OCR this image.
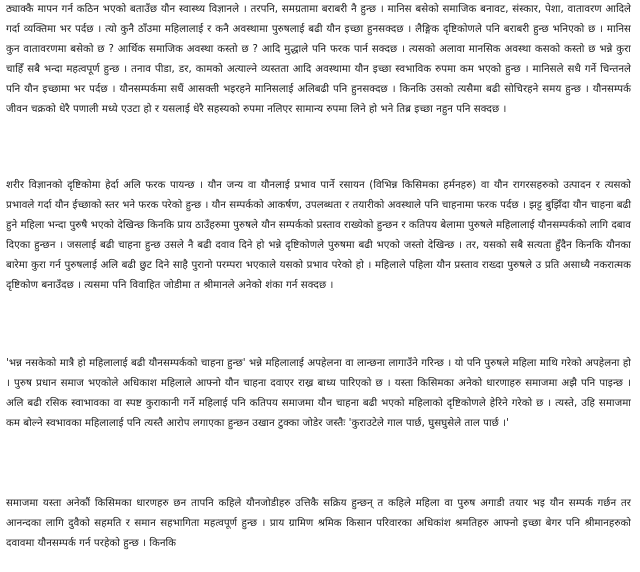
ठ्याक्कै मापन गर्न कठिन भएको बताउँछ यौन स्वास्थ्य विज्ञानले । तरपनि, समग्रतामा बराबरी नै हुन्छ । मानिस बसेको समाजिक बनावट, संस्कार, पेशा, वातावरण आदिले गर्दा व्यक्तिमा भर पर्दछ । त्यो कुनै ठाँउमा महिलालाई र कनै अवस्थामा पुरुषलाई बढी यौन इच्छा हुनसक्दछ । लैङ्गिक दृष्टिकोणले पनि बराबरी हुन्छ भनिएको छ । मानिस कुन वातावरणमा बसेको छ ? आर्थिक समाजिक अवस्था कस्तो छ ? आदि मुद्धाले पनि फरक पार्न सक्दछ । त्यसको अलावा मानसिक अवस्था कसको कस्तो छ भन्ने कुरा चाहिँ सबै भन्दा महत्वपूर्ण हुन्छ । तनाव पीडा, डर, कामको अत्याल्ने व्यस्तता आदि अवस्थामा यौन इच्छा स्वभाविक रुपमा कम भएको हुन्छ । मानिसले सधै गर्ने चिन्तनले पनि यौन इच्छामा भर पर्दछ । यौनसम्पर्कमा सधैं आसक्ती भइरहने मानिसलाई अलिबढी पनि हुनसक्दछ । किनकि उसको त्यसैमा बढी सोचिरहने समय हुन्छ । यौनसम्पर्क जीवन चक्रको धेरै पणाली मध्ये एउटा हो र यसलाई धेरै सहस्यको रुपमा नलिएर सामान्य रुपमा लिने हो भने तिब्र इच्छा नहुन पनि सक्दछ ।

शरीर विज्ञानको दृष्टिकोमा हेर्दा अलि फरक पायन्छ । यौन जन्य वा यौनलाई प्रभाव पार्ने रसायन (विभिन्न किसिमका हर्मनहरु) वा यौन रागरसहरुको उत्पादन र त्यसको प्रभावले गर्दा यौन ईच्छाको स्तर भने फरक परेको हुन्छ । यौन सम्पर्कको आकर्षण, उपलब्धता र तयारीको अवस्थाले पनि चाहनामा फरक पर्दछ । झट्ट बुझिँदा यौन चाहना बढी हुने महिला भन्दा पुरुषै भएको देखिन्छ किनकि प्राय ठाउँहरुमा पुरुषले यौन सम्पर्कको प्रस्ताव राख्येको हुन्छन र कतिपय बेलामा पुरुषले महिलालाई यौनसम्पर्कको लागि दबाव दिएका हुन्छन । जसलाई बढी चाहना हुन्छ उसले नै बढी दवाव दिने हो भन्ने दृष्टिकोणले पुरुषमा बढी भएको जस्तो देखिन्छ । तर, यसको सबै सत्यता हुँदैन किनकि यौनका बारेमा कुरा गर्न पुरुषलाई अलि बढी छुट दिने साहै पुरानो परम्परा भएकाले यसको प्रभाव परेको हो । महिलाले पहिला यौन प्रस्ताव राख्दा पुरुषले उ प्रति असाध्यै नकरात्मक दृष्टिकोण बनाउँदछ । त्यसमा पनि विवाहित जोडीमा त श्रीमानले अनेको शंका गर्न सक्दछ ।

'भन्न नसकेको मात्रै हो महिलालाई बढी यौनसम्पर्कको चाहना हुन्छ' भन्ने महिलालाई अपहेलना वा लान्छना लागाउँने गरिन्छ । यो पनि पुरुषले महिला माथि गरेको अपहेलना हो । पुरुष प्रधान समाज भएकोले अधिकाश महिलाले आफ्नो यौन चाहना दवाएर राख्र बाध्य पारिएको छ । यस्ता किसिमका अनेको धारणाहरु समाजमा अझै पनि पाइन्छ । अलि बढी रसिक स्वाभावका वा स्पष्ट कुराकानी गर्ने महिलाई पनि कतिपय समाजमा यौन चाहना बढी भएको महिलाको दृष्टिकोणले हेरिने गरेको छ । त्यस्ते, उहि समाजमा कम बोल्ने स्वभावका महिलालाई पनि त्यस्तै आरोप लगाएका हुन्छन उखान टुक्का जोडेर जस्तैः 'कुराउटेले गाल पार्छ, घुसघुसेले ताल पार्छ ।'

समाजमा यस्ता अनेकौं किसिमका धारणहरु छन तापनि कहिले यौनजोडीहरु उत्तिकै सक्रिय हुन्छन् त कहिले महिला वा पुरुष अगाडी तयार भइ यौन सम्पर्क गर्छन तर आनन्दका लागि दुवैको सहमति र समान सहभागिता महत्वपूर्ण हुन्छ । प्राय ग्रामिण श्रमिक किसान परिवारका अधिकांश श्रमतिहरु आफ्नो इच्छा बेगर पनि श्रीमानहरुको दवावमा यौनसम्पर्क गर्न परहेको हुन्छ । किनकि
